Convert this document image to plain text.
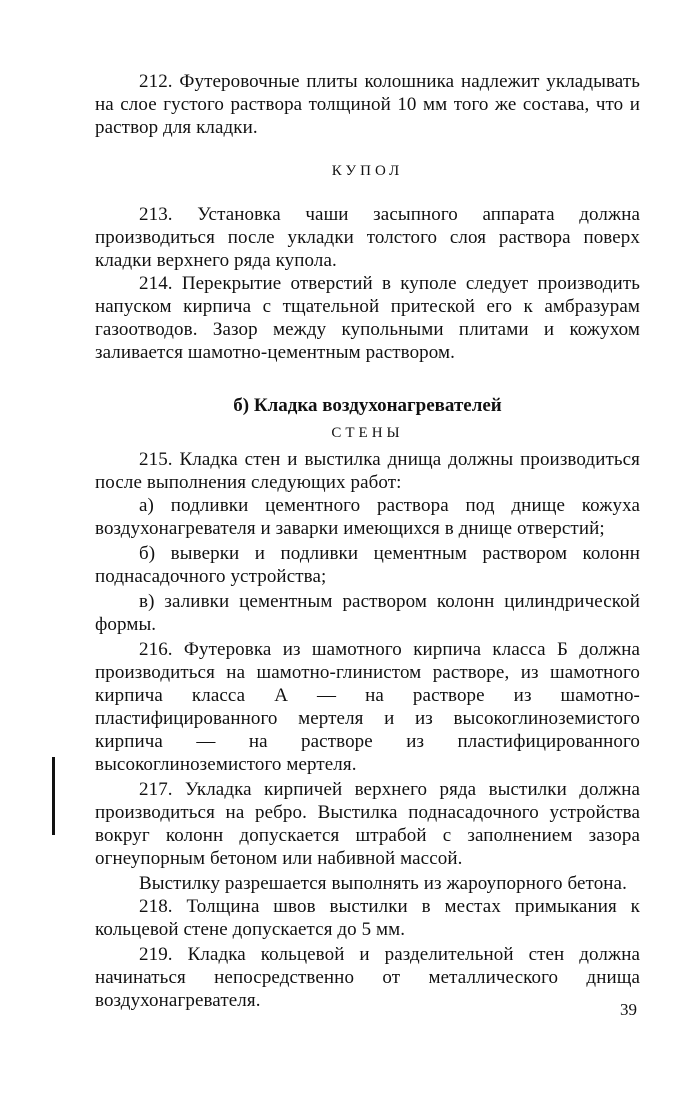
212. Футеровочные плиты колошника надлежит укладывать на слое густого раствора толщиной 10 мм того же состава, что и раствор для кладки.

КУПОЛ

213. Установка чаши засыпного аппарата должна производиться после укладки толстого слоя раствора поверх кладки верхнего ряда купола.

214. Перекрытие отверстий в куполе следует производить напуском кирпича с тщательной притеской его к амбразурам газоотводов. Зазор между купольными плитами и кожухом заливается шамотно-цементным раствором.

б) Кладка воздухонагревателей

СТЕНЫ

215. Кладка стен и выстилка днища должны производиться после выполнения следующих работ:

а) подливки цементного раствора под днище кожуха воздухонагревателя и заварки имеющихся в днище отверстий;

б) выверки и подливки цементным раствором колонн поднасадочного устройства;

в) заливки цементным раствором колонн цилиндрической формы.

216. Футеровка из шамотного кирпича класса Б должна производиться на шамотно-глинистом растворе, из шамотного кирпича класса А — на растворе из шамотно-пластифицированного мертеля и из высокоглиноземистого кирпича — на растворе из пластифицированного высокоглиноземистого мертеля.

217. Укладка кирпичей верхнего ряда выстилки должна производиться на ребро. Выстилка поднасадочного устройства вокруг колонн допускается штрабой с заполнением зазора огнеупорным бетоном или набивной массой.

Выстилку разрешается выполнять из жароупорного бетона.

218. Толщина швов выстилки в местах примыкания к кольцевой стене допускается до 5 мм.

219. Кладка кольцевой и разделительной стен должна начинаться непосредственно от металлического днища воздухонагревателя.	39
